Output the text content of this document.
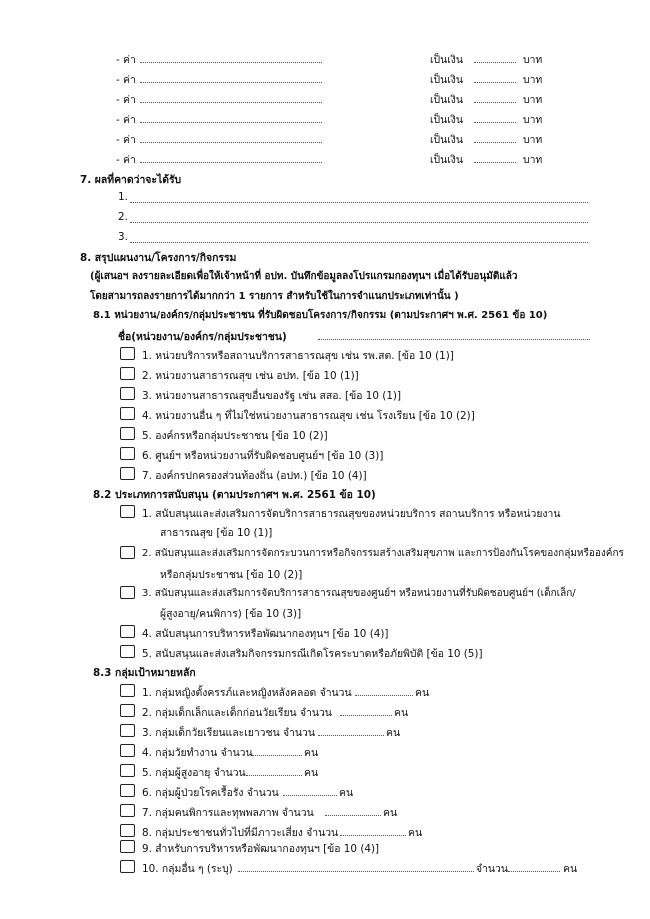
- ค่า	เป็นเงิน	บาท
- ค่า	เป็นเงิน	บาท
- ค่า	เป็นเงิน	บาท
- ค่า	เป็นเงิน	บาท
- ค่า	เป็นเงิน	บาท
- ค่า	เป็นเงิน	บาท
7. ผลที่คาดว่าจะได้รับ
1.
2.
3.
8. สรุปแผนงาน/โครงการ/กิจกรรม
(ผู้เสนอฯ ลงรายละเอียดเพื่อให้เจ้าหน้าที่ อปท. บันทึกข้อมูลลงโปรแกรมกองทุนฯ เมื่อได้รับอนุมัติแล้ว
โดยสามารถลงรายการได้มากกว่า 1 รายการ สำหรับใช้ในการจำแนกประเภทเท่านั้น )
8.1 หน่วยงาน/องค์กร/กลุ่มประชาชน ที่รับผิดชอบโครงการ/กิจกรรม (ตามประกาศฯ พ.ศ. 2561 ข้อ 10)
ชื่อ(หน่วยงาน/องค์กร/กลุ่มประชาชน)
1. หน่วยบริการหรือสถานบริการสาธารณสุข เช่น รพ.สต. [ข้อ 10 (1)]
2. หน่วยงานสาธารณสุข เช่น อปท. [ข้อ 10 (1)]
3. หน่วยงานสาธารณสุขอื่นของรัฐ เช่น สสอ. [ข้อ 10 (1)]
4. หน่วยงานอื่น ๆ ที่ไม่ใช่หน่วยงานสาธารณสุข เช่น โรงเรียน [ข้อ 10 (2)]
5. องค์กรหรือกลุ่มประชาชน [ข้อ 10 (2)]
6. ศูนย์ฯ หรือหน่วยงานที่รับผิดชอบศูนย์ฯ [ข้อ 10 (3)]
7. องค์กรปกครองส่วนท้องถิ่น (อปท.) [ข้อ 10 (4)]
8.2 ประเภทการสนับสนุน (ตามประกาศฯ พ.ศ. 2561 ข้อ 10)
1. สนับสนุนและส่งเสริมการจัดบริการสาธารณสุขของหน่วยบริการ สถานบริการ หรือหน่วยงาน
สาธารณสุข [ข้อ 10 (1)]
2. สนับสนุนและส่งเสริมการจัดกระบวนการหรือกิจกรรมสร้างเสริมสุขภาพ และการป้องกันโรคของกลุ่มหรือองค์กร
หรือกลุ่มประชาชน [ข้อ 10 (2)]
3. สนับสนุนและส่งเสริมการจัดบริการสาธารณสุขของศูนย์ฯ หรือหน่วยงานที่รับผิดชอบศูนย์ฯ (เด็กเล็ก/
ผู้สูงอายุ/คนพิการ) [ข้อ 10 (3)]
4. สนับสนุนการบริหารหรือพัฒนากองทุนฯ [ข้อ 10 (4)]
5. สนับสนุนและส่งเสริมกิจกรรมกรณีเกิดโรคระบาดหรือภัยพิบัติ [ข้อ 10 (5)]
8.3 กลุ่มเป้าหมายหลัก
1. กลุ่มหญิงตั้งครรภ์และหญิงหลังคลอด จำนวน	คน
2. กลุ่มเด็กเล็กและเด็กก่อนวัยเรียน จำนวน	คน
3. กลุ่มเด็กวัยเรียนและเยาวชน จำนวน	คน
4. กลุ่มวัยทำงาน จำนวน	คน
5. กลุ่มผู้สูงอายุ จำนวน	คน
6. กลุ่มผู้ป่วยโรคเรื้อรัง จำนวน	คน
7. กลุ่มคนพิการและทุพพลภาพ จำนวน	คน
8. กลุ่มประชาชนทั่วไปที่มีภาวะเสี่ยง จำนวน	คน
9. สำหรับการบริหารหรือพัฒนากองทุนฯ [ข้อ 10 (4)]
10. กลุ่มอื่น ๆ (ระบุ)	จำนวน	คน
